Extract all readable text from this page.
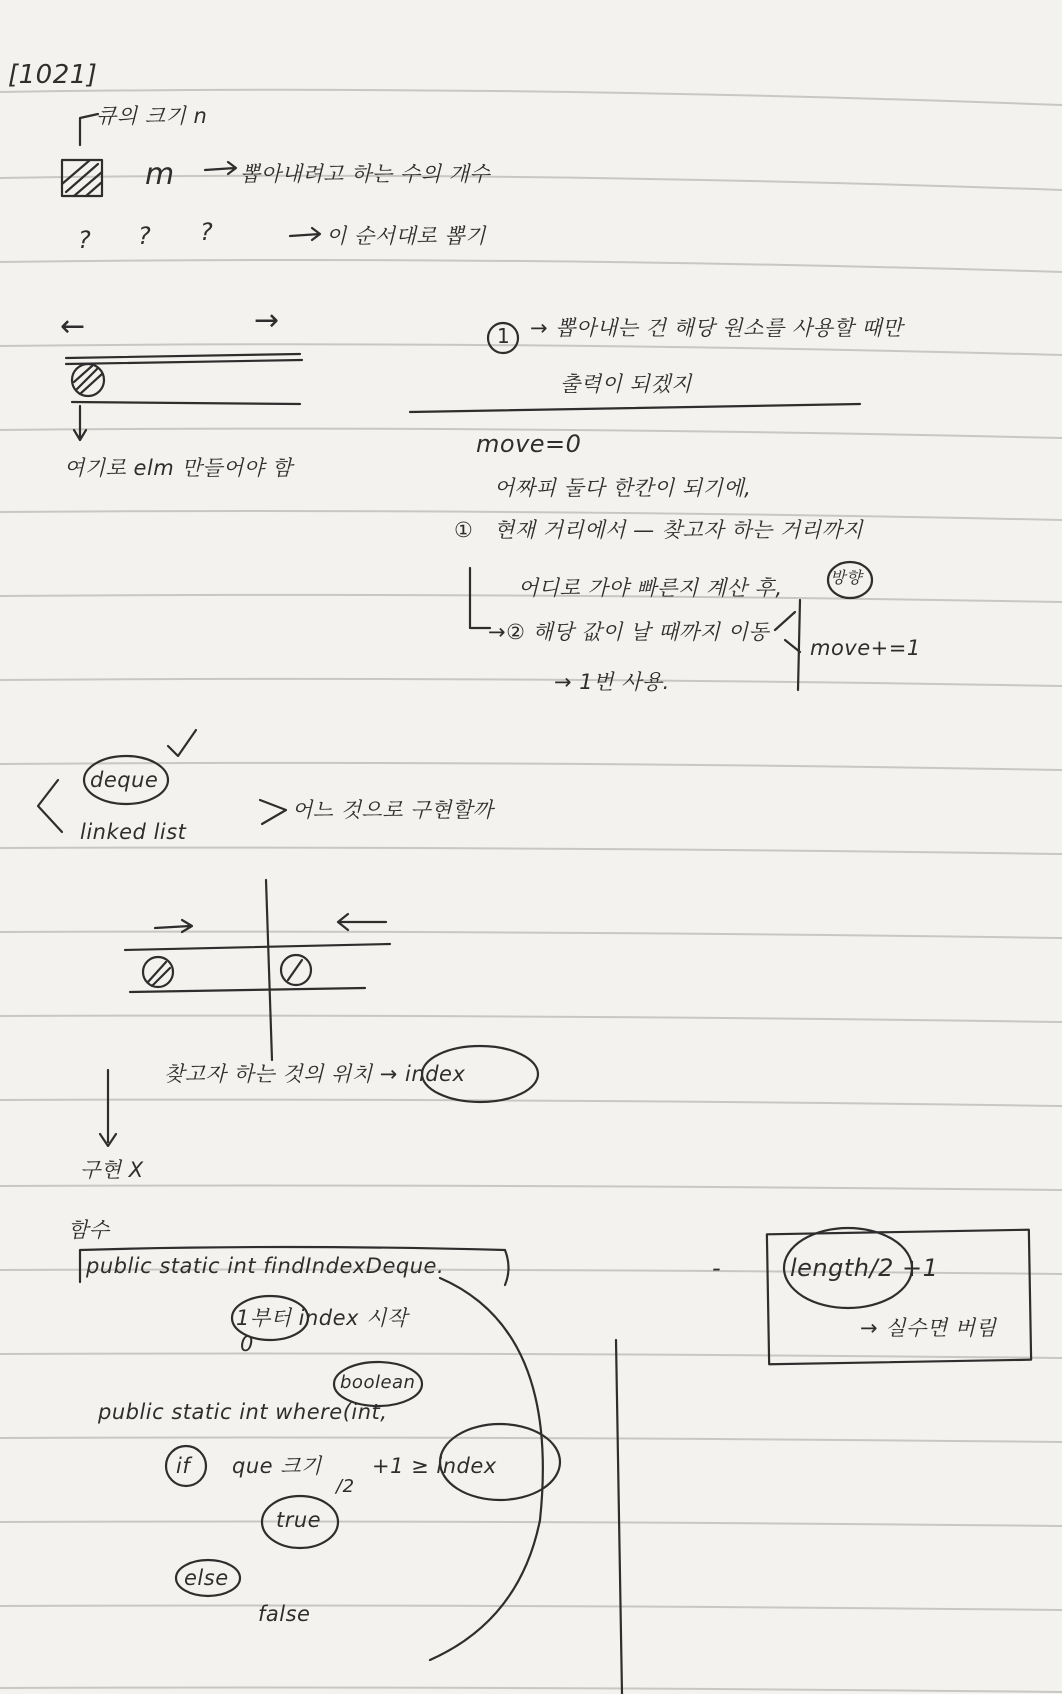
[1021]
큐의 크기 n
m	뽑아내려고 하는 수의 개수
? ? ?	이 순서대로 뽑기
←	→
여기로 elm 만들어야 함
1 → 뽑아내는 건 해당 원소를 사용할 때만
출력이 되겠지
move=0
어짜피 둘다 한칸이 되기에,
① 현재 거리에서 — 찾고자 하는 거리까지
어디로 가야 빠른지 계산 후,	방향
→② 해당 값이 날 때까지 이동
→ 1번 사용.
move+=1
deque
linked list
어느 것으로 구현할까
찾고자 하는 것의 위치 → index
구현 X
함수
public static int findIndexDeque.
1부터 index 시작
0
boolean
public static int where(int,
if que 크기
/2
+1 ≥ index
true
else
false
-	length/2 +1
→ 실수면 버림
